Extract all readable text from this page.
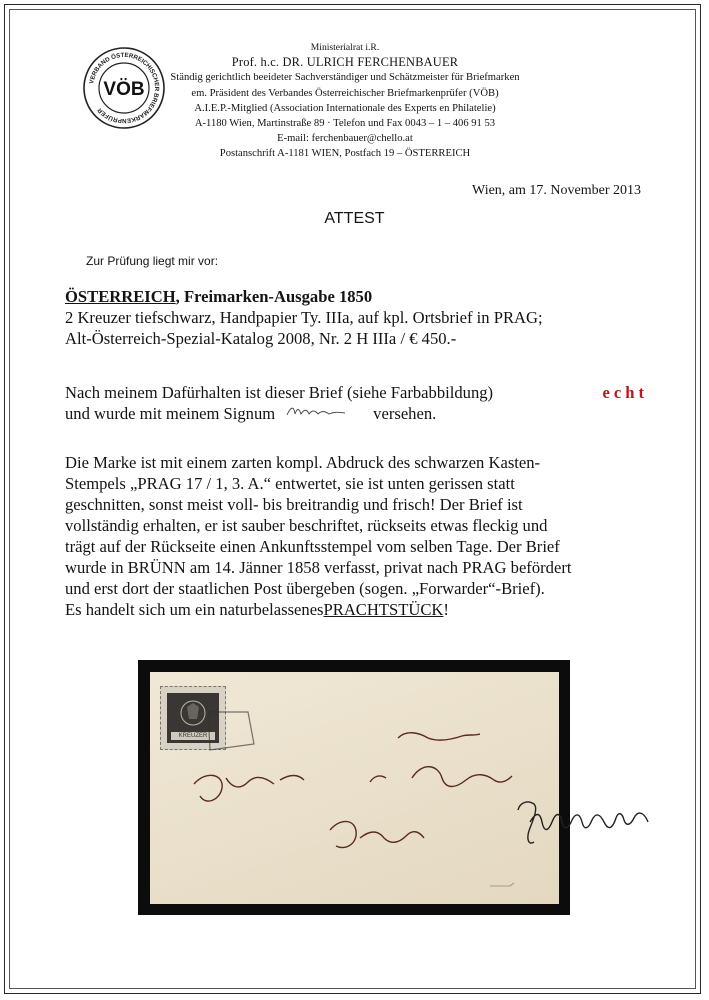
VERBAND ÖSTERREICHISCHER BRIEFMARKENPRÜFER
VÖB
Ministerialrat i.R.
Prof. h.c. DR. ULRICH FERCHENBAUER
Ständig gerichtlich beeideter Sachverständiger und Schätzmeister für Briefmarken
em. Präsident des Verbandes Österreichischer Briefmarkenprüfer (VÖB)
A.I.E.P.-Mitglied (Association Internationale des Experts en Philatelie)
A-1180 Wien, Martinstraße 89 · Telefon und Fax 0043 – 1 – 406 91 53
E-mail: ferchenbauer@chello.at
Postanschrift A-1181 WIEN, Postfach 19 – ÖSTERREICH
Wien, am 17. November 2013
ATTEST
Zur Prüfung liegt mir vor:
ÖSTERREICH , Freimarken-Ausgabe 1850
2 Kreuzer tiefschwarz, Handpapier Ty. IIIa, auf kpl. Ortsbrief in PRAG;
Alt-Österreich-Spezial-Katalog 2008, Nr. 2 H IIIa / € 450.-
Nach meinem Dafürhalten ist dieser Brief (siehe Farbabbildung)	echt
und wurde mit meinem Signum	versehen.
Die Marke ist mit einem zarten kompl. Abdruck des schwarzen Kasten-
Stempels „PRAG 17 / 1, 3. A.“ entwertet, sie ist unten gerissen statt
geschnitten, sonst meist voll- bis breitrandig und frisch! Der Brief ist
vollständig erhalten, er ist sauber beschriftet, rückseits etwas fleckig und
trägt auf der Rückseite einen Ankunftsstempel vom selben Tage. Der Brief
wurde in BRÜNN am 14. Jänner 1858 verfasst, privat nach PRAG befördert
und erst dort der staatlichen Post übergeben (sogen. „Forwarder“-Brief).
Es handelt sich um ein naturbelassenes PRACHTSTÜCK !
KREUZER
